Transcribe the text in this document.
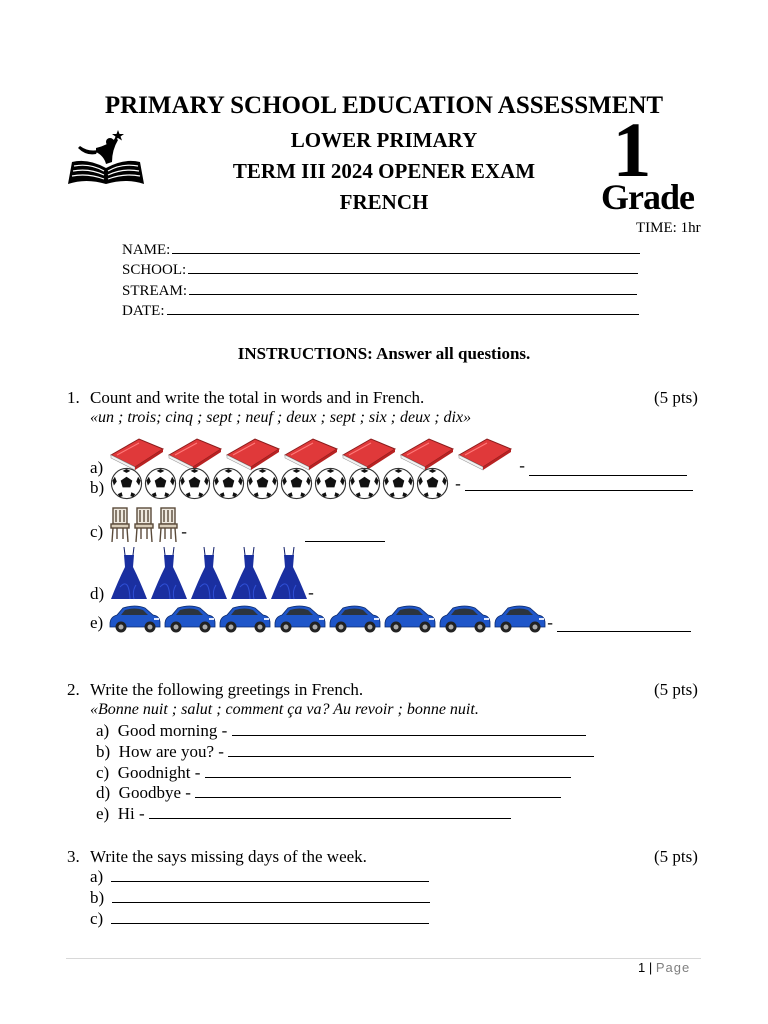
PRIMARY SCHOOL EDUCATION ASSESSMENT
LOWER PRIMARY
TERM III 2024 OPENER EXAM
FRENCH
1
Grade
TIME: 1hr
NAME:
SCHOOL:
STREAM:
DATE:
INSTRUCTIONS: Answer all questions.
1. Count and write the total in words and in French.	(5 pts)
«un ; trois; cinq ; sept ; neuf ; deux ; sept ; six ; deux ; dix»
a)	-
b)	-
c)	-
d)	-
e)	-
2. Write the following greetings in French.	(5 pts)
«Bonne nuit ; salut ; comment ça va? Au revoir ; bonne nuit.
a) Good morning -
b) How are you? -
c) Goodnight -
d) Goodbye -
e) Hi -
3. Write the says missing days of the week.	(5 pts)
a)
b)
c)
1 | Page
